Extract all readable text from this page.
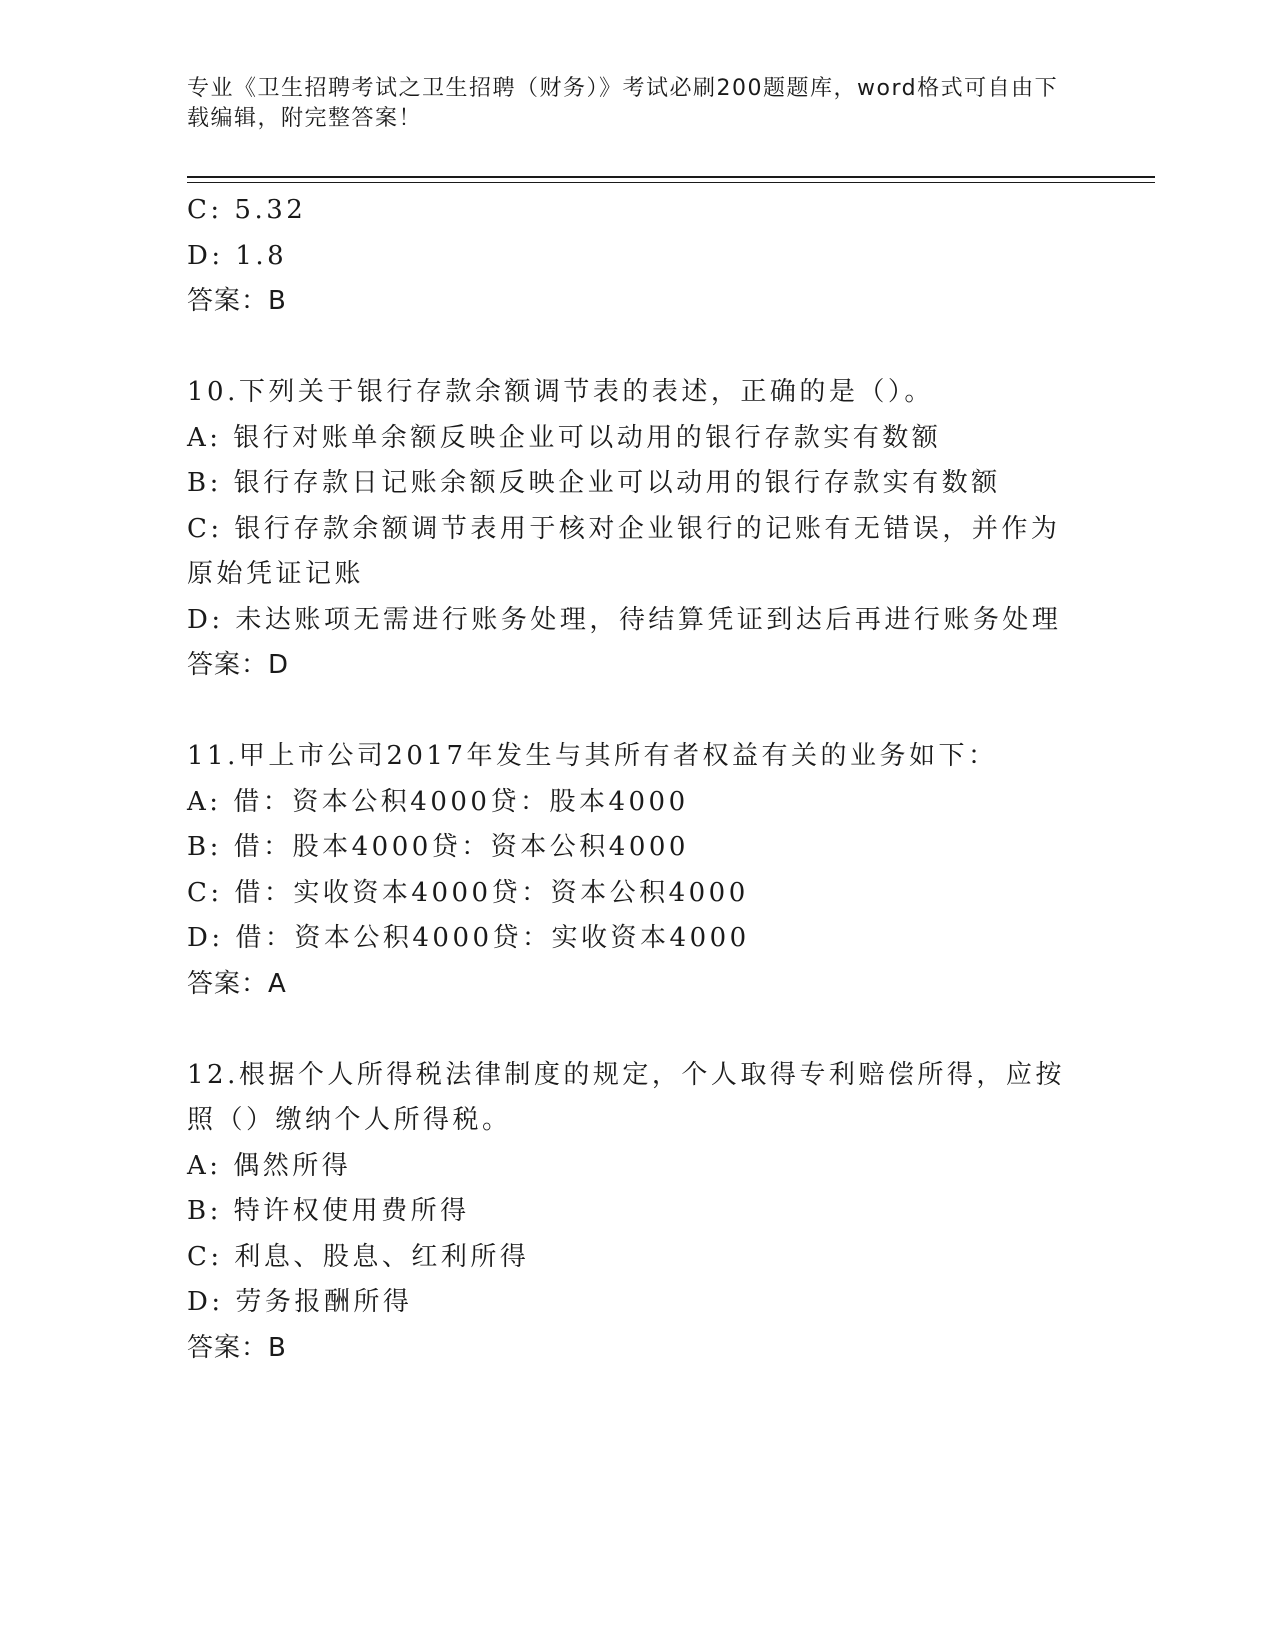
专业《卫生招聘考试之卫生招聘（财务）》考试必刷200题题库，word格式可自由下载编辑，附完整答案！
C: 5.32
D: 1.8
答案：B
10.下列关于银行存款余额调节表的表述，正确的是（）。
A: 银行对账单余额反映企业可以动用的银行存款实有数额
B: 银行存款日记账余额反映企业可以动用的银行存款实有数额
C: 银行存款余额调节表用于核对企业银行的记账有无错误，并作为原始凭证记账
D: 未达账项无需进行账务处理，待结算凭证到达后再进行账务处理
答案：D
11.甲上市公司2017年发生与其所有者权益有关的业务如下：
A: 借：资本公积4000贷：股本4000
B: 借：股本4000贷：资本公积4000
C: 借：实收资本4000贷：资本公积4000
D: 借：资本公积4000贷：实收资本4000
答案：A
12.根据个人所得税法律制度的规定，个人取得专利赔偿所得，应按照（）缴纳个人所得税。
A: 偶然所得
B: 特许权使用费所得
C: 利息、股息、红利所得
D: 劳务报酬所得
答案：B
